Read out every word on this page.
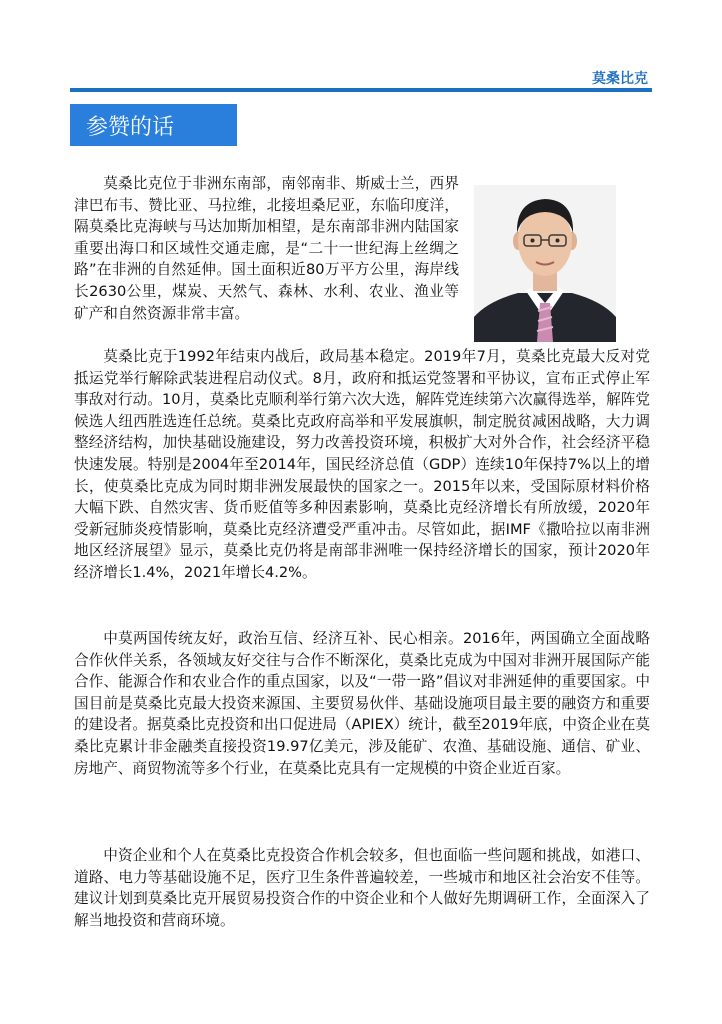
莫桑比克
参赞的话

莫桑比克位于非洲东南部，南邻南非、斯威士兰，西界津巴布韦、赞比亚、马拉维，北接坦桑尼亚，东临印度洋，隔莫桑比克海峡与马达加斯加相望，是东南部非洲内陆国家重要出海口和区域性交通走廊，是“二十一世纪海上丝绸之路”在非洲的自然延伸。国土面积近80万平方公里，海岸线长2630公里，煤炭、天然气、森林、水利、农业、渔业等矿产和自然资源非常丰富。

莫桑比克于1992年结束内战后，政局基本稳定。2019年7月，莫桑比克最大反对党抵运党举行解除武装进程启动仪式。8月，政府和抵运党签署和平协议，宣布正式停止军事敌对行动。10月，莫桑比克顺利举行第六次大选，解阵党连续第六次赢得选举，解阵党候选人纽西胜选连任总统。莫桑比克政府高举和平发展旗帜，制定脱贫减困战略，大力调整经济结构，加快基础设施建设，努力改善投资环境，积极扩大对外合作，社会经济平稳快速发展。特别是2004年至2014年，国民经济总值（GDP）连续10年保持7%以上的增长，使莫桑比克成为同时期非洲发展最快的国家之一。2015年以来，受国际原材料价格大幅下跌、自然灾害、货币贬值等多种因素影响，莫桑比克经济增长有所放缓，2020年受新冠肺炎疫情影响，莫桑比克经济遭受严重冲击。尽管如此，据IMF《撒哈拉以南非洲地区经济展望》显示，莫桑比克仍将是南部非洲唯一保持经济增长的国家，预计2020年经济增长1.4%，2021年增长4.2%。

中莫两国传统友好，政治互信、经济互补、民心相亲。2016年，两国确立全面战略合作伙伴关系，各领域友好交往与合作不断深化，莫桑比克成为中国对非洲开展国际产能合作、能源合作和农业合作的重点国家，以及“一带一路”倡议对非洲延伸的重要国家。中国目前是莫桑比克最大投资来源国、主要贸易伙伴、基础设施项目最主要的融资方和重要的建设者。据莫桑比克投资和出口促进局（APIEX）统计，截至2019年底，中资企业在莫桑比克累计非金融类直接投资19.97亿美元，涉及能矿、农渔、基础设施、通信、矿业、房地产、商贸物流等多个行业，在莫桑比克具有一定规模的中资企业近百家。

中资企业和个人在莫桑比克投资合作机会较多，但也面临一些问题和挑战，如港口、道路、电力等基础设施不足，医疗卫生条件普遍较差，一些城市和地区社会治安不佳等。建议计划到莫桑比克开展贸易投资合作的中资企业和个人做好先期调研工作，全面深入了解当地投资和营商环境。
